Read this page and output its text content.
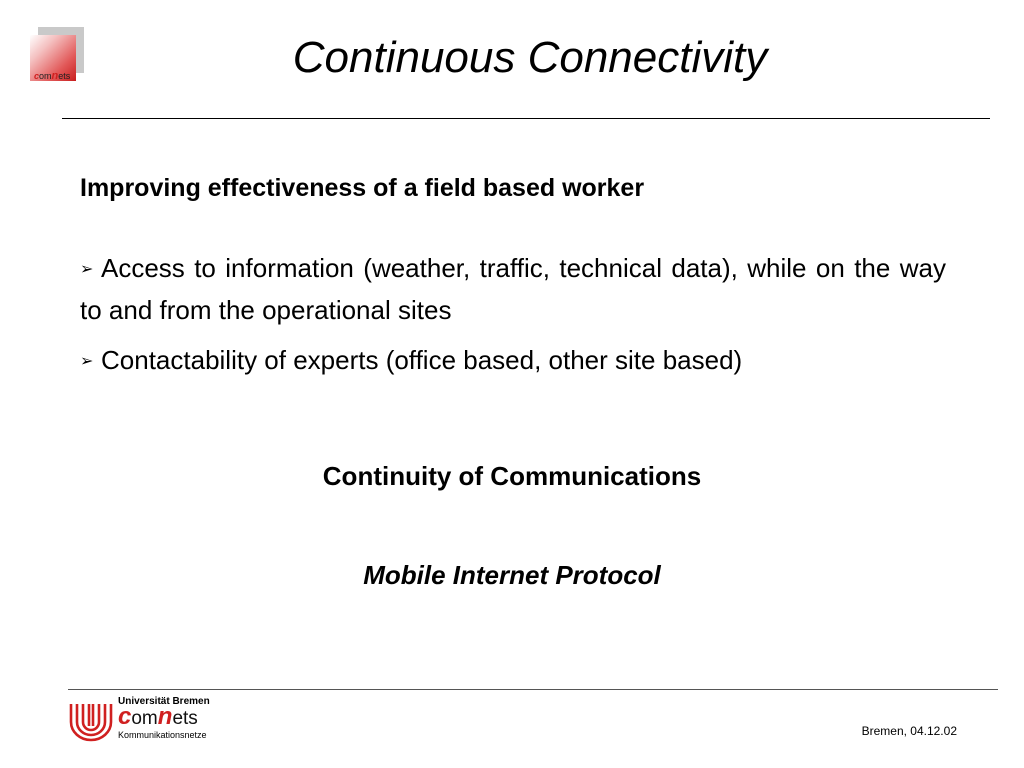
comnets	Continuous Connectivity

Improving effectiveness of a field based worker

➢ Access to information (weather, traffic, technical data), while on the way to and from the operational sites
➢ Contactability of experts (office based, other site based)
Continuity of Communications
Mobile Internet Protocol
Universität Bremen
comnets
Kommunikationsnetze	Bremen, 04.12.02
